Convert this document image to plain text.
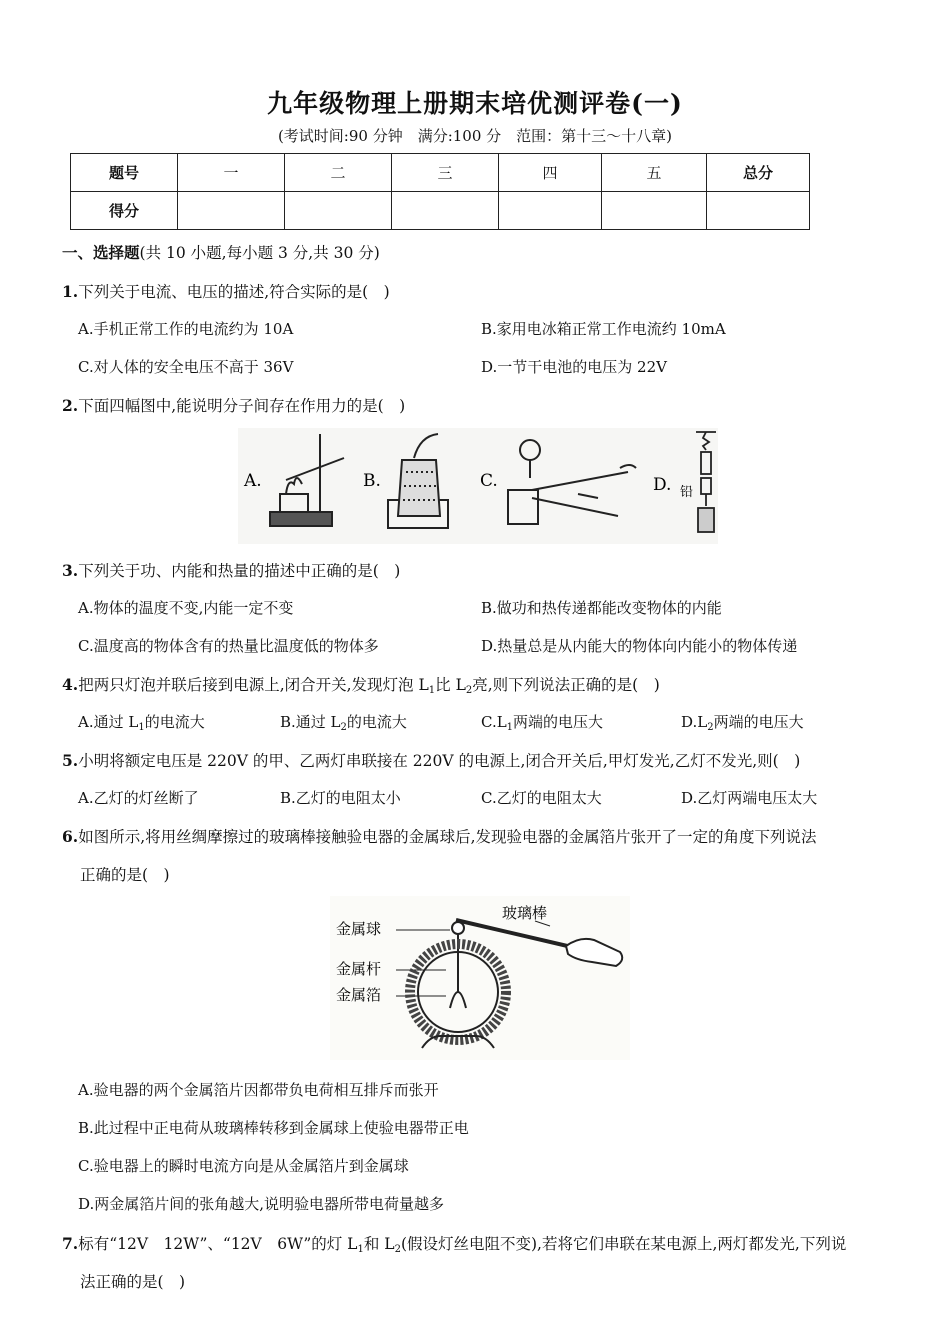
九年级物理上册期末培优测评卷(一)
(考试时间:90 分钟　满分:100 分　范围：第十三～十八章)
题号	一	二	三	四	五	总分
得分						
一、选择题(共 10 小题,每小题 3 分,共 30 分)
1.下列关于电流、电压的描述,符合实际的是(　)
A.手机正常工作的电流约为 10A	B.家用电冰箱正常工作电流约 10mA
C.对人体的安全电压不高于 36V	D.一节干电池的电压为 22V
2.下面四幅图中,能说明分子间存在作用力的是(　)
A.	B.	C.	D. 铅
3.下列关于功、内能和热量的描述中正确的是(　)
A.物体的温度不变,内能一定不变	B.做功和热传递都能改变物体的内能
C.温度高的物体含有的热量比温度低的物体多	D.热量总是从内能大的物体向内能小的物体传递
4.把两只灯泡并联后接到电源上,闭合开关,发现灯泡 $L_1$比 $L_2$亮,则下列说法正确的是(　)
A.通过 $L_1$的电流大	B.通过 $L_2$的电流大	$C.L_1$两端的电压大	$D.L_2$两端的电压大
5.小明将额定电压是 220V 的甲、乙两灯串联接在 220V 的电源上,闭合开关后,甲灯发光,乙灯不发光,则(　)
A.乙灯的灯丝断了	B.乙灯的电阻太小	C.乙灯的电阻太大	D.乙灯两端电压太大
6.如图所示,将用丝绸摩擦过的玻璃棒接触验电器的金属球后,发现验电器的金属箔片张开了一定的角度下列说法
正确的是(　)
金属球
金属杆
金属箔
玻璃棒
A.验电器的两个金属箔片因都带负电荷相互排斥而张开
B.此过程中正电荷从玻璃棒转移到金属球上使验电器带正电
C.验电器上的瞬时电流方向是从金属箔片到金属球
D.两金属箔片间的张角越大,说明验电器所带电荷量越多
7.标有“12V　12W”、“12V　6W”的灯 $L_1$和 $L_2$(假设灯丝电阻不变),若将它们串联在某电源上,两灯都发光,下列说
法正确的是(　)
